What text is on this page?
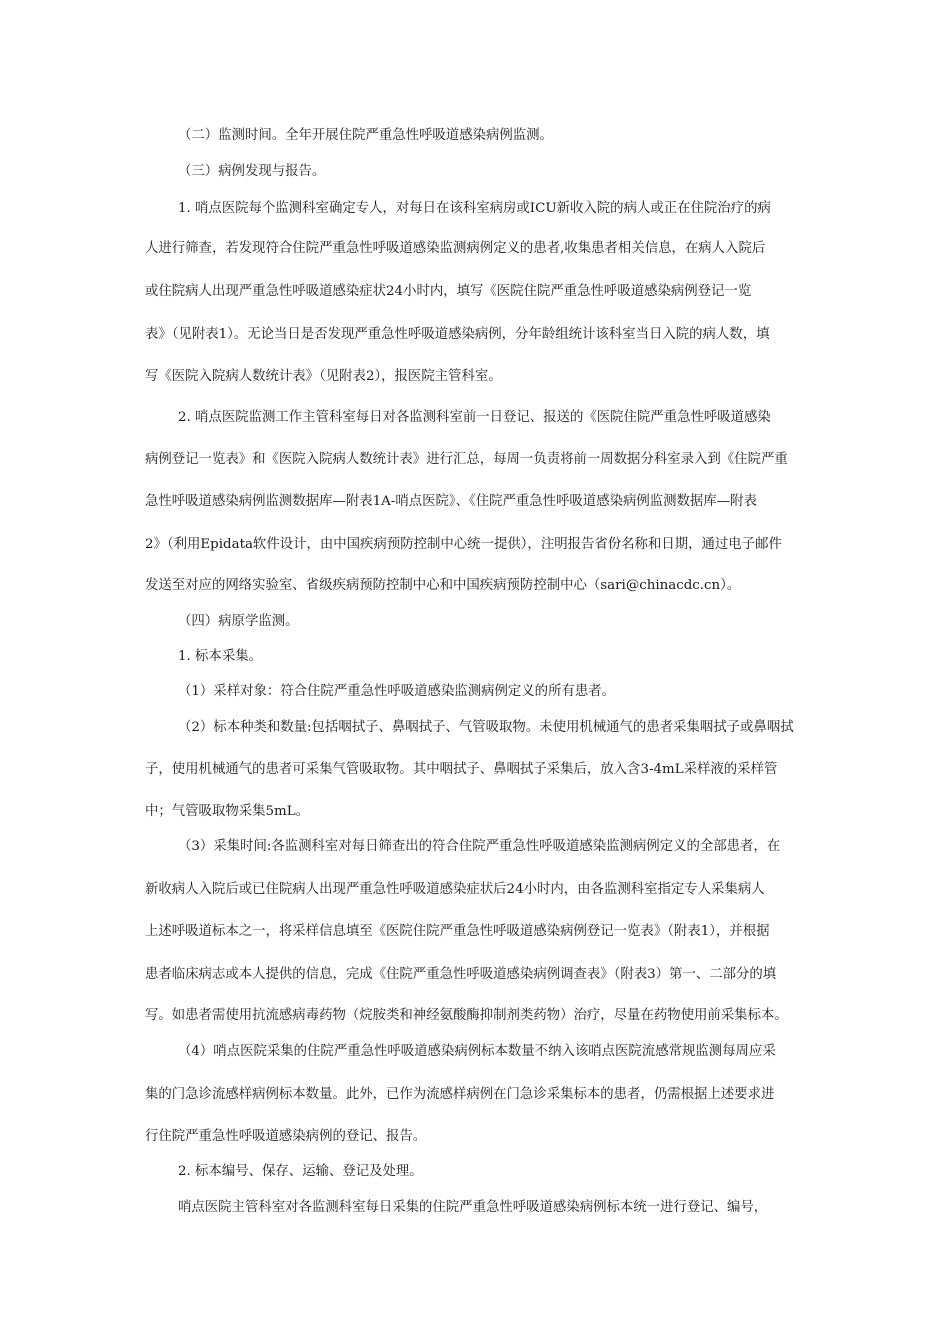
（二）监测时间。全年开展住院严重急性呼吸道感染病例监测。
（三）病例发现与报告。
1. 哨点医院每个监测科室确定专人，对每日在该科室病房或ICU新收入院的病人或正在住院治疗的病
人进行筛查，若发现符合住院严重急性呼吸道感染监测病例定义的患者,收集患者相关信息，在病人入院后
或住院病人出现严重急性呼吸道感染症状24小时内，填写《医院住院严重急性呼吸道感染病例登记一览
表》（见附表1）。无论当日是否发现严重急性呼吸道感染病例，分年龄组统计该科室当日入院的病人数，填
写《医院入院病人数统计表》（见附表2），报医院主管科室。
2. 哨点医院监测工作主管科室每日对各监测科室前一日登记、报送的《医院住院严重急性呼吸道感染
病例登记一览表》和《医院入院病人数统计表》进行汇总，每周一负责将前一周数据分科室录入到《住院严重
急性呼吸道感染病例监测数据库—附表1A-哨点医院》、《住院严重急性呼吸道感染病例监测数据库—附表
2》（利用Epidata软件设计，由中国疾病预防控制中心统一提供），注明报告省份名称和日期，通过电子邮件
发送至对应的网络实验室、省级疾病预防控制中心和中国疾病预防控制中心（sari@chinacdc.cn）。
（四）病原学监测。
1. 标本采集。
（1）采样对象：符合住院严重急性呼吸道感染监测病例定义的所有患者。
（2）标本种类和数量:包括咽拭子、鼻咽拭子、气管吸取物。未使用机械通气的患者采集咽拭子或鼻咽拭
子，使用机械通气的患者可采集气管吸取物。其中咽拭子、鼻咽拭子采集后，放入含3-4mL采样液的采样管
中；气管吸取物采集5mL。
（3）采集时间:各监测科室对每日筛查出的符合住院严重急性呼吸道感染监测病例定义的全部患者，在
新收病人入院后或已住院病人出现严重急性呼吸道感染症状后24小时内，由各监测科室指定专人采集病人
上述呼吸道标本之一，将采样信息填至《医院住院严重急性呼吸道感染病例登记一览表》（附表1），并根据
患者临床病志或本人提供的信息，完成《住院严重急性呼吸道感染病例调查表》（附表3）第一、二部分的填
写。如患者需使用抗流感病毒药物（烷胺类和神经氨酸酶抑制剂类药物）治疗，尽量在药物使用前采集标本。
（4）哨点医院采集的住院严重急性呼吸道感染病例标本数量不纳入该哨点医院流感常规监测每周应采
集的门急诊流感样病例标本数量。此外，已作为流感样病例在门急诊采集标本的患者，仍需根据上述要求进
行住院严重急性呼吸道感染病例的登记、报告。
2. 标本编号、保存、运输、登记及处理。
哨点医院主管科室对各监测科室每日采集的住院严重急性呼吸道感染病例标本统一进行登记、编号，
